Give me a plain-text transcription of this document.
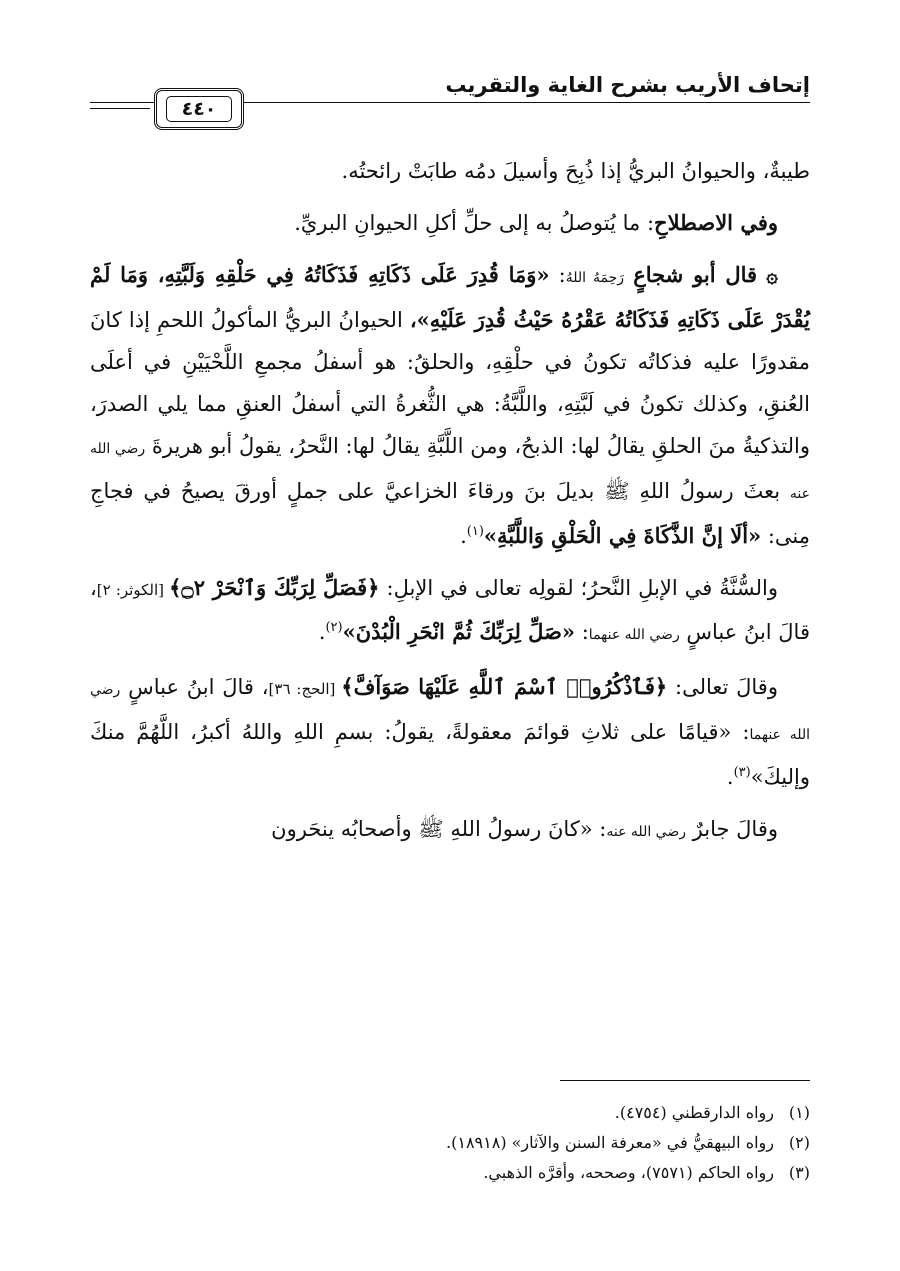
إتحاف الأريب بشرح الغاية والتقريب
٤٤٠

طيبةٌ، والحيوانُ البريُّ إذا ذُبِحَ وأسيلَ دمُه طابَتْ رائحتُه.

وفي الاصطلاحِ: ما يُتوصلُ به إلى حلِّ أكلِ الحيوانِ البريِّ.

۞ قال أبو شجاعٍ رَحِمَهُ اللهُ: «وَمَا قُدِرَ عَلَى ذَكَاتِهِ فَذَكَاتُهُ فِي حَلْقِهِ وَلَبَّتِهِ، وَمَا لَمْ يُقْدَرْ عَلَى ذَكَاتِهِ فَذَكَاتُهُ عَقْرُهُ حَيْثُ قُدِرَ عَلَيْهِ»، الحيوانُ البريُّ المأكولُ اللحمِ إذا كانَ مقدورًا عليه فذكاتُه تكونُ في حلْقِهِ، والحلقُ: هو أسفلُ مجمعِ اللَّحْيَيْنِ في أعلَى العُنقِ، وكذلك تكونُ في لَبَّتِهِ، واللَّبَّةُ: هي الثُّغرةُ التي أسفلُ العنقِ مما يلي الصدرَ، والتذكيةُ منَ الحلقِ يقالُ لها: الذبحُ، ومن اللَّبَّةِ يقالُ لها: النَّحرُ، يقولُ أبو هريرةَ رضي الله عنه بعثَ رسولُ اللهِ ﷺ بديلَ بنَ ورقاءَ الخزاعيَّ على جملٍ أورقَ يصيحُ في فجاجِ مِنى: «ألَا إنَّ الذَّكَاةَ فِي الْحَلْقِ وَاللَّبَّةِ»$^{(١)}$.

والسُّنَّةُ في الإبلِ النَّحرُ؛ لقولِه تعالى في الإبلِ: ﴿فَصَلِّ لِرَبِّكَ وَٱنْحَرْ ۝٢﴾ [الكوثر: ٢]، قالَ ابنُ عباسٍ رضي الله عنهما: «صَلِّ لِرَبِّكَ ثُمَّ انْحَرِ الْبُدْنَ»$^{(٢)}$.

وقالَ تعالى: ﴿فَٱذْكُرُوا۟ ٱسْمَ ٱللَّهِ عَلَيْهَا صَوَآفَّ﴾ [الحج: ٣٦]، قالَ ابنُ عباسٍ رضي الله عنهما: «قيامًا على ثلاثِ قوائمَ معقولةً، يقولُ: بسمِ اللهِ واللهُ أكبرُ، اللَّهُمَّ منكَ وإليكَ»$^{(٣)}$.

وقالَ جابرٌ رضي الله عنه: «كانَ رسولُ اللهِ ﷺ وأصحابُه ينحَرون

(١)رواه الدارقطني (٤٧٥٤).
(٢)رواه البيهقيُّ في «معرفة السنن والآثار» (١٨٩١٨).
(٣)رواه الحاكم (٧٥٧١)، وصححه، وأقرَّه الذهبي.
